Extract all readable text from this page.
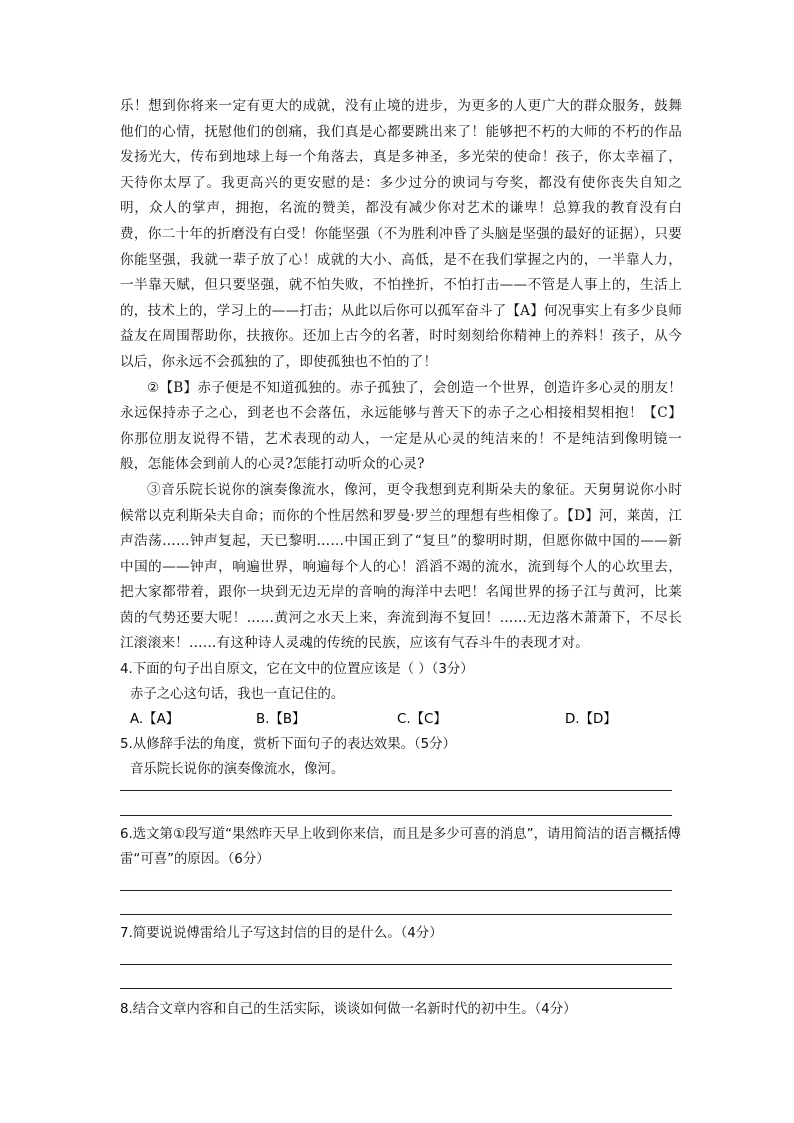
乐！想到你将来一定有更大的成就，没有止境的进步，为更多的人更广大的群众服务，鼓舞他们的心情，抚慰他们的创痛，我们真是心都要跳出来了！能够把不朽的大师的不朽的作品发扬光大，传布到地球上每一个角落去，真是多神圣，多光荣的使命！孩子，你太幸福了，天待你太厚了。我更高兴的更安慰的是：多少过分的谀词与夸奖，都没有使你丧失自知之明，众人的掌声，拥抱，名流的赞美，都没有减少你对艺术的谦卑！总算我的教育没有白费，你二十年的折磨没有白受！你能坚强（不为胜利冲昏了头脑是坚强的最好的证据），只要你能坚强，我就一辈子放了心！成就的大小、高低，是不在我们掌握之内的，一半靠人力，一半靠天赋，但只要坚强，就不怕失败，不怕挫折，不怕打击——不管是人事上的，生活上的，技术上的，学习上的——打击；从此以后你可以孤军奋斗了【A】何况事实上有多少良师益友在周围帮助你，扶掖你。还加上古今的名著，时时刻刻给你精神上的养料！孩子，从今以后，你永远不会孤独的了，即使孤独也不怕的了！

②【B】赤子便是不知道孤独的。赤子孤独了，会创造一个世界，创造许多心灵的朋友！永远保持赤子之心，到老也不会落伍，永远能够与普天下的赤子之心相接相契相抱！【C】你那位朋友说得不错，艺术表现的动人，一定是从心灵的纯洁来的！不是纯洁到像明镜一般，怎能体会到前人的心灵?怎能打动听众的心灵?

③音乐院长说你的演奏像流水，像河，更令我想到克利斯朵夫的象征。天舅舅说你小时候常以克利斯朵夫自命；而你的个性居然和罗曼·罗兰的理想有些相像了。【D】河，莱茵，江声浩荡……钟声复起，天已黎明……中国正到了“复旦”的黎明时期，但愿你做中国的——新中国的——钟声，响遍世界，响遍每个人的心！滔滔不竭的流水，流到每个人的心坎里去，把大家都带着，跟你一块到无边无岸的音响的海洋中去吧！名闻世界的扬子江与黄河，比莱茵的气势还要大呢！……黄河之水天上来，奔流到海不复回！……无边落木萧萧下，不尽长江滚滚来！……有这种诗人灵魂的传统的民族，应该有气吞斗牛的表现才对。

4.下面的句子出自原文，它在文中的位置应该是（ ）（3分）

赤子之心这句话，我也一直记住的。

A.【A】	B.【B】	C.【C】	D.【D】

5.从修辞手法的角度，赏析下面句子的表达效果。（5分）

音乐院长说你的演奏像流水，像河。

6.选文第①段写道“果然昨天早上收到你来信，而且是多少可喜的消息”，请用简洁的语言概括傅雷“可喜”的原因。（6分）

7.简要说说傅雷给儿子写这封信的目的是什么。（4分）

8.结合文章内容和自己的生活实际，谈谈如何做一名新时代的初中生。（4分）
